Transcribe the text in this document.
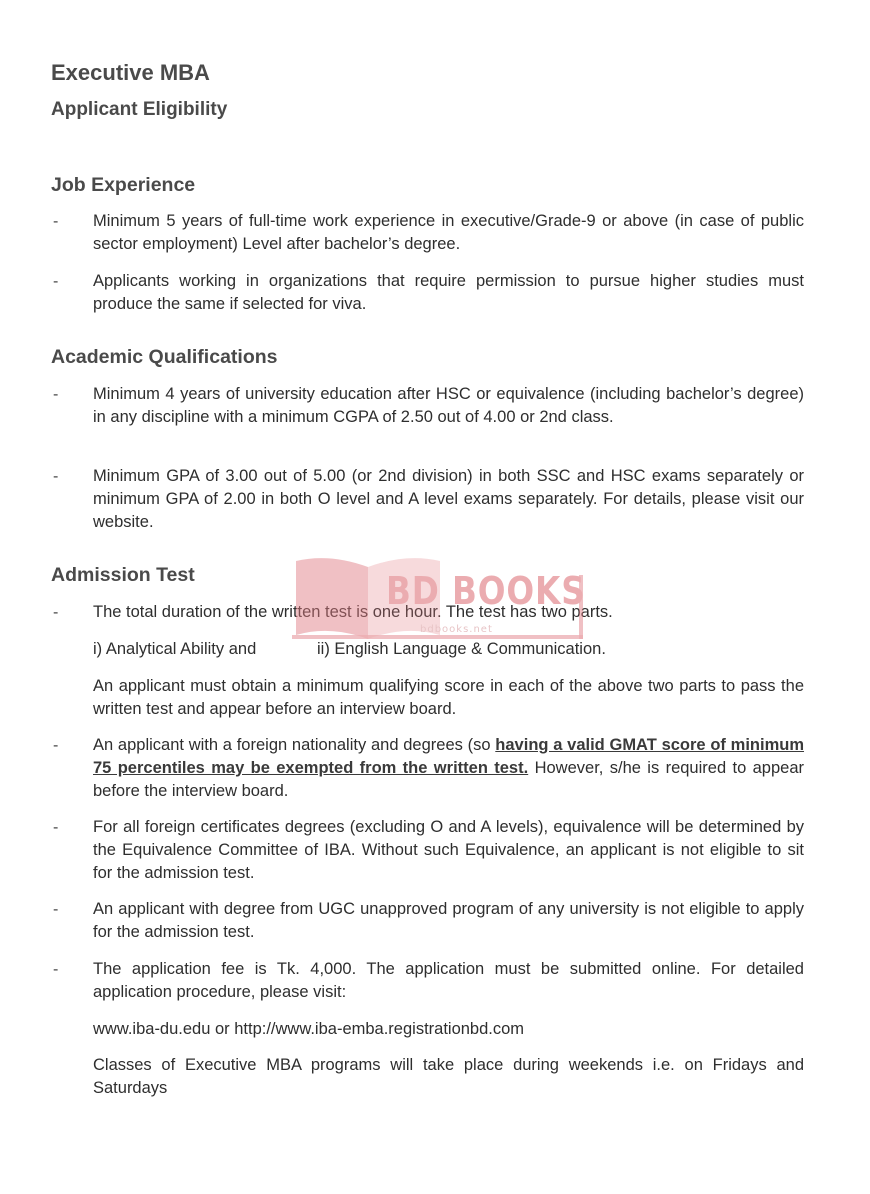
Executive MBA
Applicant Eligibility
Job Experience
- Minimum 5 years of full-time work experience in executive/Grade-9 or above (in case of public sector employment) Level after bachelor’s degree.

- Applicants working in organizations that require permission to pursue higher studies must produce the same if selected for viva.

Academic Qualifications
- Minimum 4 years of university education after HSC or equivalence (including bachelor’s degree) in any discipline with a minimum CGPA of 2.50 out of 4.00 or 2nd class.

- Minimum GPA of 3.00 out of 5.00 (or 2nd division) in both SSC and HSC exams separately or minimum GPA of 2.00 in both O level and A level exams separately. For details, please visit our website.

Admission Test
- The total duration of the written test is one hour. The test has two parts.

i) Analytical Ability and	ii) English Language & Communication.

An applicant must obtain a minimum qualifying score in each of the above two parts to pass the written test and appear before an interview board.

- An applicant with a foreign nationality and degrees (so having a valid GMAT score of minimum 75 percentiles may be exempted from the written test. However, s/he is required to appear before the interview board.

- For all foreign certificates degrees (excluding O and A levels), equivalence will be determined by the Equivalence Committee of IBA. Without such Equivalence, an applicant is not eligible to sit for the admission test.

- An applicant with degree from UGC unapproved program of any university is not eligible to apply for the admission test.

- The application fee is Tk. 4,000. The application must be submitted online. For detailed application procedure, please visit:

www.iba-du.edu or http://www.iba-emba.registrationbd.com

Classes of Executive MBA programs will take place during weekends i.e. on Fridays and Saturdays

BD BOOKS
bdbooks.net
